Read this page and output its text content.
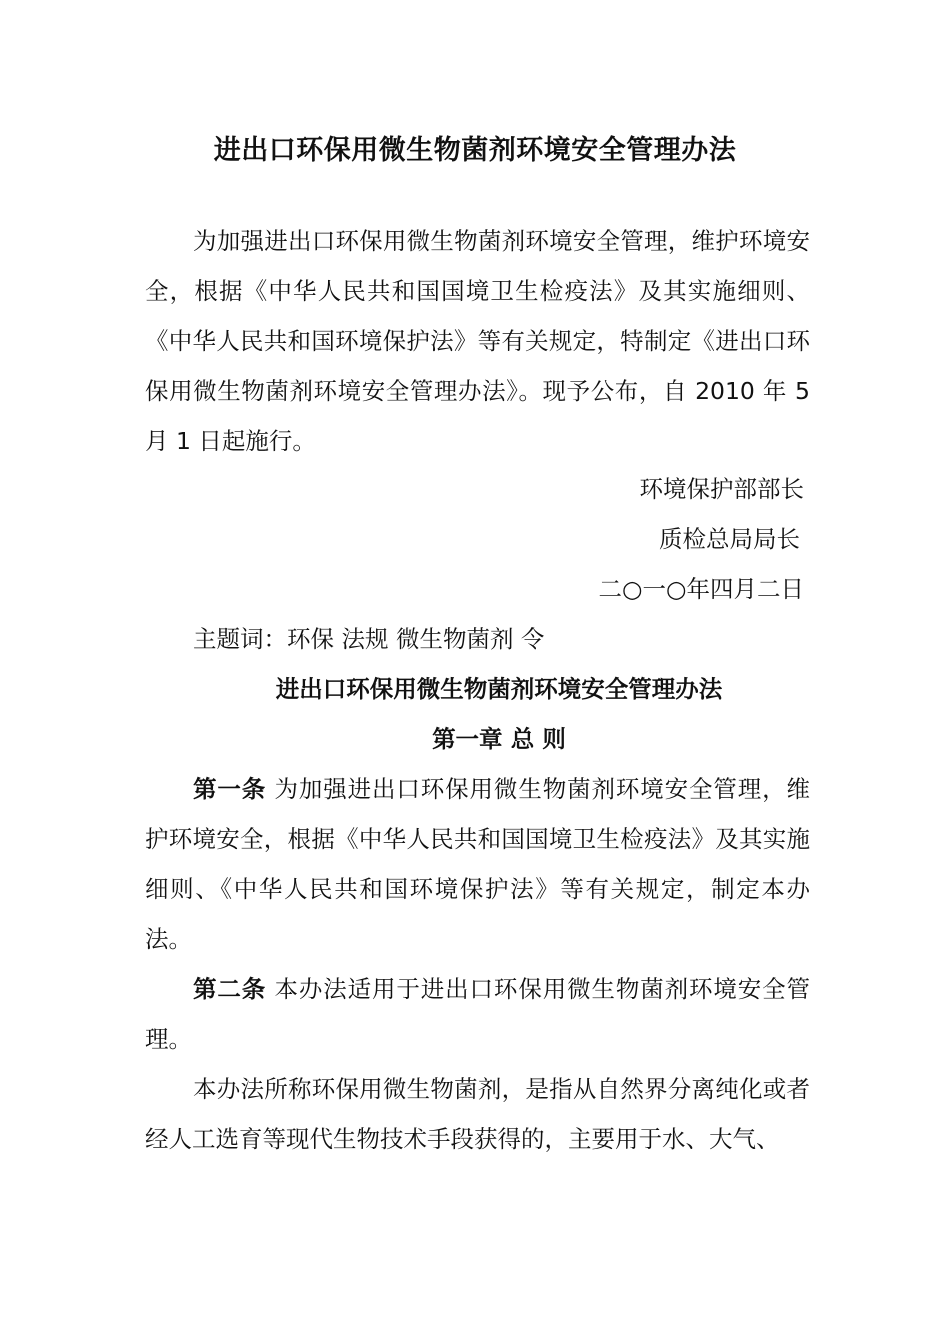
进出口环保用微生物菌剂环境安全管理办法
为加强进出口环保用微生物菌剂环境安全管理，维护环境安全，根据《中华人民共和国国境卫生检疫法》及其实施细则、《中华人民共和国环境保护法》等有关规定，特制定《进出口环保用微生物菌剂环境安全管理办法》。现予公布，自 2010 年 5 月 1 日起施行。
环境保护部部长
质检总局局长
二○一○年四月二日
主题词：环保 法规 微生物菌剂 令
进出口环保用微生物菌剂环境安全管理办法
第一章 总 则
第一条 为加强进出口环保用微生物菌剂环境安全管理，维护环境安全，根据《中华人民共和国国境卫生检疫法》及其实施细则、《中华人民共和国环境保护法》等有关规定，制定本办法。
第二条 本办法适用于进出口环保用微生物菌剂环境安全管理。
本办法所称环保用微生物菌剂，是指从自然界分离纯化或者经人工选育等现代生物技术手段获得的，主要用于水、大气、
